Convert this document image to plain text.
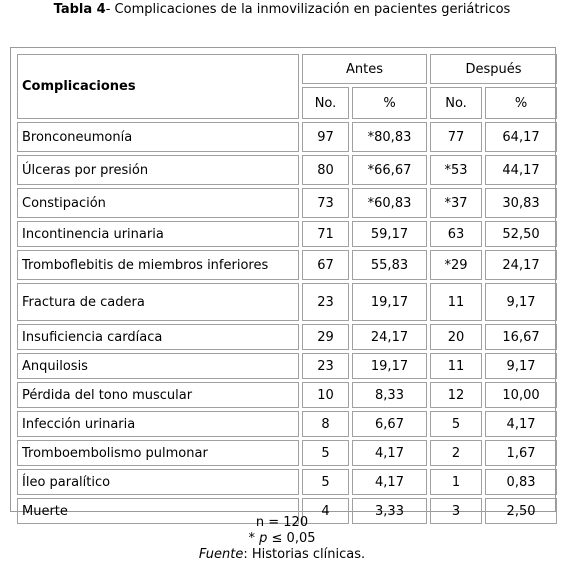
Tabla 4- Complicaciones de la inmovilización en pacientes geriátricos
Complicaciones	Antes		Después	
	No.	%	No.	%
Bronconeumonía	97	*80,83	77	64,17
Úlceras por presión	80	*66,67	*53	44,17
Constipación	73	*60,83	*37	30,83
Incontinencia urinaria	71	59,17	63	52,50
Tromboflebitis de miembros inferiores	67	55,83	*29	24,17
Fractura de cadera	23	19,17	11	9,17
Insuficiencia cardíaca	29	24,17	20	16,67
Anquilosis	23	19,17	11	9,17
Pérdida del tono muscular	10	8,33	12	10,00
Infección urinaria	8	6,67	5	4,17
Tromboembolismo pulmonar	5	4,17	2	1,67
Íleo paralítico	5	4,17	1	0,83
Muerte	4	3,33	3	2,50
n = 120
* p ≤ 0,05
Fuente: Historias clínicas.
